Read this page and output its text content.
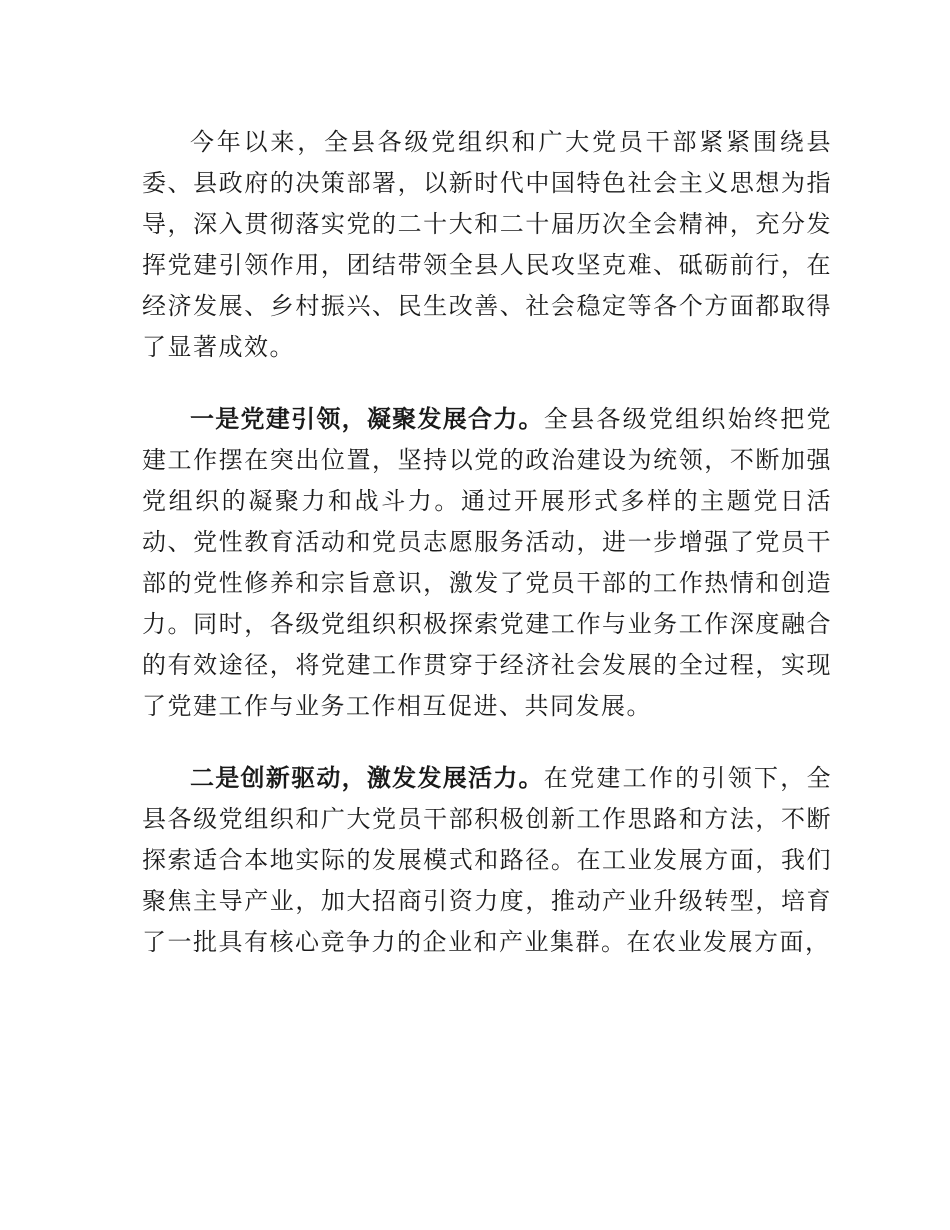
今年以来，全县各级党组织和广大党员干部紧紧围绕县委、县政府的决策部署，以新时代中国特色社会主义思想为指导，深入贯彻落实党的二十大和二十届历次全会精神，充分发挥党建引领作用，团结带领全县人民攻坚克难、砥砺前行，在经济发展、乡村振兴、民生改善、社会稳定等各个方面都取得了显著成效。

一是党建引领，凝聚发展合力。全县各级党组织始终把党建工作摆在突出位置，坚持以党的政治建设为统领，不断加强党组织的凝聚力和战斗力。通过开展形式多样的主题党日活动、党性教育活动和党员志愿服务活动，进一步增强了党员干部的党性修养和宗旨意识，激发了党员干部的工作热情和创造力。同时，各级党组织积极探索党建工作与业务工作深度融合的有效途径，将党建工作贯穿于经济社会发展的全过程，实现了党建工作与业务工作相互促进、共同发展。

二是创新驱动，激发发展活力。在党建工作的引领下，全县各级党组织和广大党员干部积极创新工作思路和方法，不断探索适合本地实际的发展模式和路径。在工业发展方面，我们聚焦主导产业，加大招商引资力度，推动产业升级转型，培育了一批具有核心竞争力的企业和产业集群。在农业发展方面，
